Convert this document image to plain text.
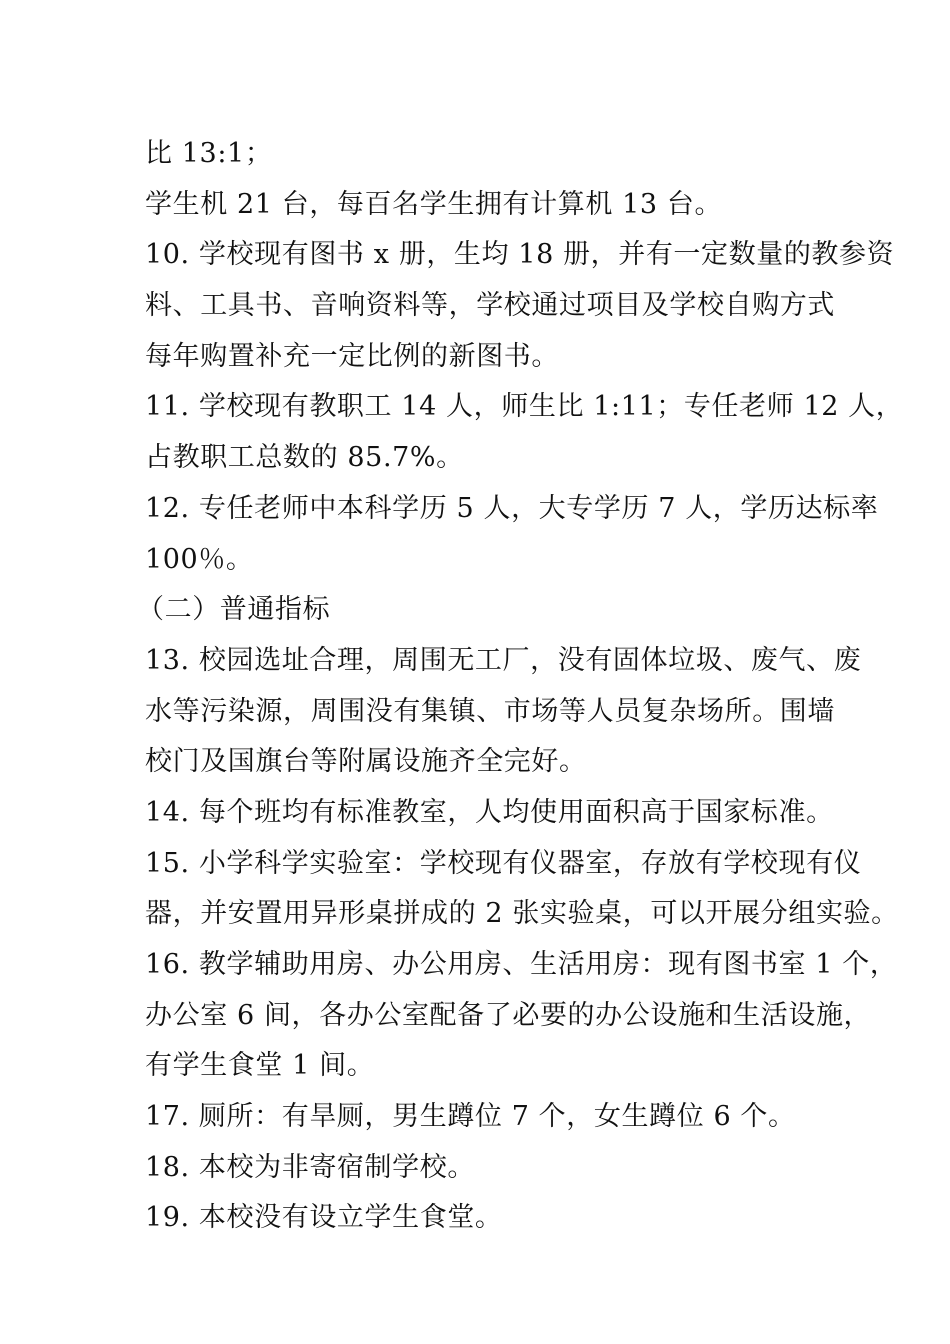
比 13:1；
学生机 21 台，每百名学生拥有计算机 13 台。
10. 学校现有图书 x 册，生均 18 册，并有一定数量的教参资
料、工具书、音响资料等，学校通过项目及学校自购方式
每年购置补充一定比例的新图书。
11. 学校现有教职工 14 人，师生比 1:11；专任老师 12 人，
占教职工总数的 85.7%。
12. 专任老师中本科学历 5 人，大专学历 7 人，学历达标率
100％。
（二）普通指标
13. 校园选址合理，周围无工厂，没有固体垃圾、废气、废
水等污染源，周围没有集镇、市场等人员复杂场所。围墙
校门及国旗台等附属设施齐全完好。
14. 每个班均有标准教室，人均使用面积高于国家标准。
15. 小学科学实验室：学校现有仪器室，存放有学校现有仪
器，并安置用异形桌拼成的 2 张实验桌，可以开展分组实验。
16. 教学辅助用房、办公用房、生活用房：现有图书室 1 个，
办公室 6 间，各办公室配备了必要的办公设施和生活设施，
有学生食堂 1 间。
17. 厕所：有旱厕，男生蹲位 7 个，女生蹲位 6 个。
18. 本校为非寄宿制学校。
19. 本校没有设立学生食堂。
